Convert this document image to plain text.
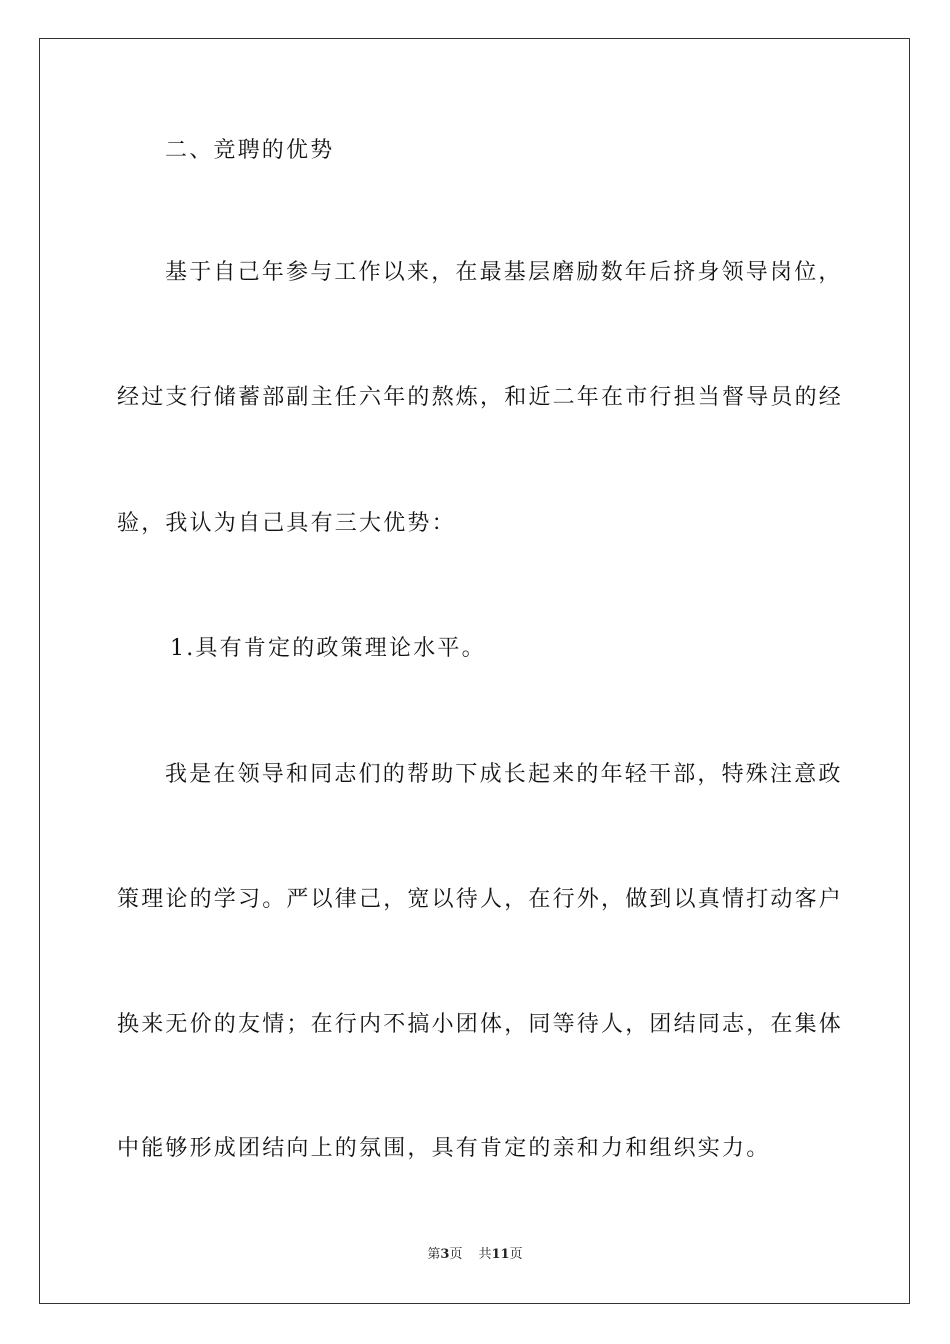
二、竞聘的优势
基于自己年参与工作以来，在最基层磨励数年后挤身领导岗位，
经过支行储蓄部副主任六年的熬炼，和近二年在市行担当督导员的经
验，我认为自己具有三大优势：
1.具有肯定的政策理论水平。
我是在领导和同志们的帮助下成长起来的年轻干部，特殊注意政
策理论的学习。严以律己，宽以待人，在行外，做到以真情打动客户
换来无价的友情；在行内不搞小团体，同等待人，团结同志，在集体
中能够形成团结向上的氛围，具有肯定的亲和力和组织实力。
第3页 共11页
